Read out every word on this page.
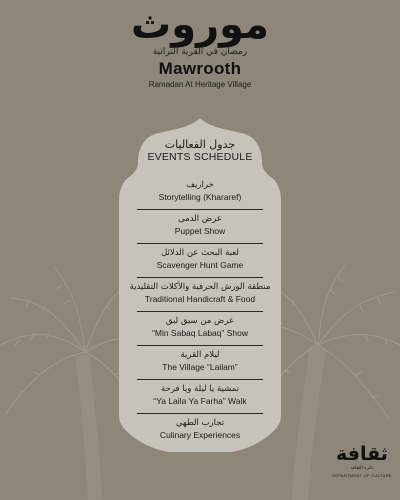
موروث
رمضان في القرية التراثية
Mawrooth
Ramadan At Heritage Village
جدول الفعاليات
EVENTS SCHEDULE
خراريف
Storytelling (Khararef)
عرض الدمى
Puppet Show
لعبة البحث عن الدلائل
Scavenger Hunt Game
منطقة الورش الحرفية والأكلات التقليدية
Traditional Handicraft & Food
عرض من سبق لبق
“Min Sabaq Labaq” Show
ليلام القرية
The Village “Lailam”
تمشية يا ليلة ويا فرحة
“Ya Laila Ya Farha” Walk
تجارب الطهي
Culinary Experiences
ثقافة
دائرة الثقافة
DEPARTMENT OF CULTURE
